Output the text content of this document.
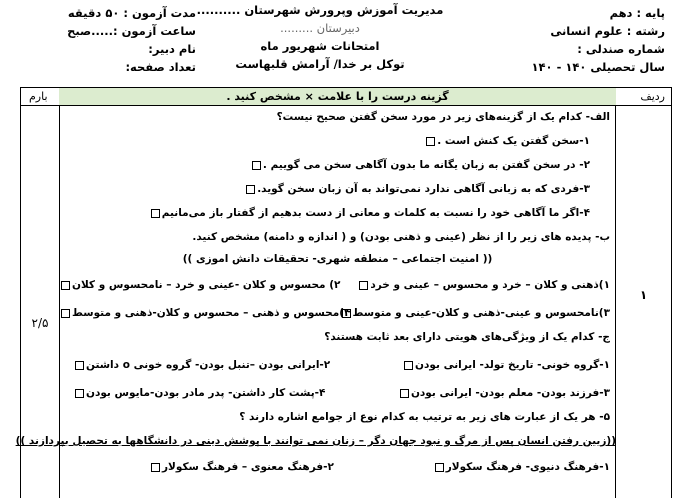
پایه : دهم
رشته : علوم انسانی
شماره صندلی :
سال تحصیلی ۱۴۰ - ۱۴۰
مدیریت آموزش وپرورش شهرستان ..........
دبیرستان .........
امتحانات شهریور ماه
توکل بر خدا/ آرامش قلبهاست
مدت آزمون : ۵۰ دقیقه
ساعت آزمون :.....صبح
نام دبیر:
تعداد صفحه:
ردیف
بارم	گزینه درست را با علامت × مشخص کنید .
۱
۲/۵
الف- کدام یک از گزینه‌های زیر در مورد سخن گفتن صحیح نیست؟
۱-سخن گفتن یک کنش است .
۲- در سخن گفتن به زبان یگانه ما بدون آگاهی سخن می گوییم .
۳-فردی که به زبانی آگاهی ندارد نمی‌تواند به آن زبان سخن گوید.
۴-اگر ما آگاهی خود را نسبت به کلمات و معانی از دست بدهیم از گفتار باز می‌مانیم
ب- پدیده های زیر را از نظر (عینی و ذهنی بودن) و ( اندازه و دامنه) مشخص کنید.
(( امنیت اجتماعی – منطقه شهری- تحقیقات دانش اموزی ))
۱)ذهنی و کلان – خرد و محسوس – عینی و خرد
۲) محسوس و کلان -عینی و خرد – نامحسوس و کلان
۳)نامحسوس و عینی-ذهنی و کلان-عینی و متوسط
۴)محسوس و ذهنی – محسوس و کلان-ذهنی و متوسط
ج- کدام یک از ویژگی‌های هویتی دارای بعد ثابت هستند؟
۱-گروه خونی- تاریخ تولد- ایرانی بودن
۲-ایرانی بودن –تنبل بودن- گروه خونی o داشتن
۳-فرزند بودن- معلم بودن- ایرانی بودن
۴-پشت کار داشتن- پدر مادر بودن-مایوس بودن
۵- هر یک از عبارت های زیر به ترتیب به کدام نوع از جوامع اشاره دارند ؟
((زیین رفتن انسان پس از مرگ و نبود جهان دگر – زنان نمی توانند با پوشش دینی در دانشگاهها به تحصیل بپردازند ))
۱-فرهنگ دنیوی- فرهنگ سکولار
۲-فرهنگ معنوی – فرهنگ سکولار
